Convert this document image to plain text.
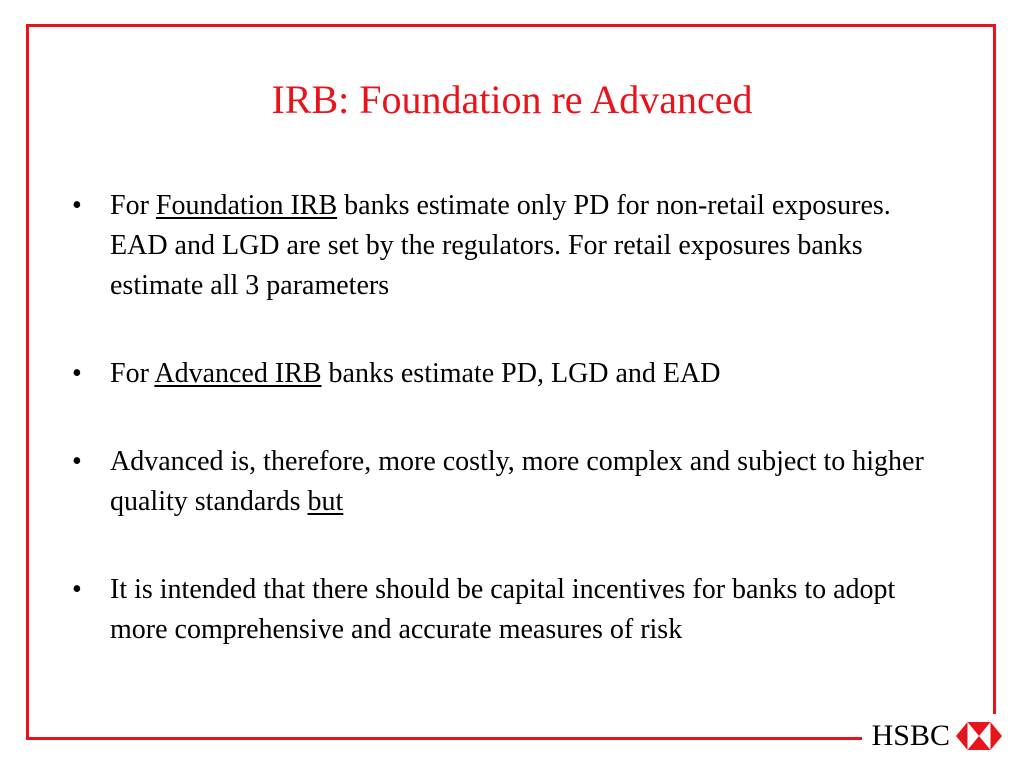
IRB: Foundation re Advanced
•	For Foundation IRB banks estimate only PD for non-retail exposures. EAD and LGD are set by the regulators. For retail exposures banks estimate all 3 parameters
•	For Advanced IRB banks estimate PD, LGD and EAD
•	Advanced is, therefore, more costly, more complex and subject to higher quality standards but
•	It is intended that there should be capital incentives for banks to adopt more comprehensive and accurate measures of risk
HSBC
